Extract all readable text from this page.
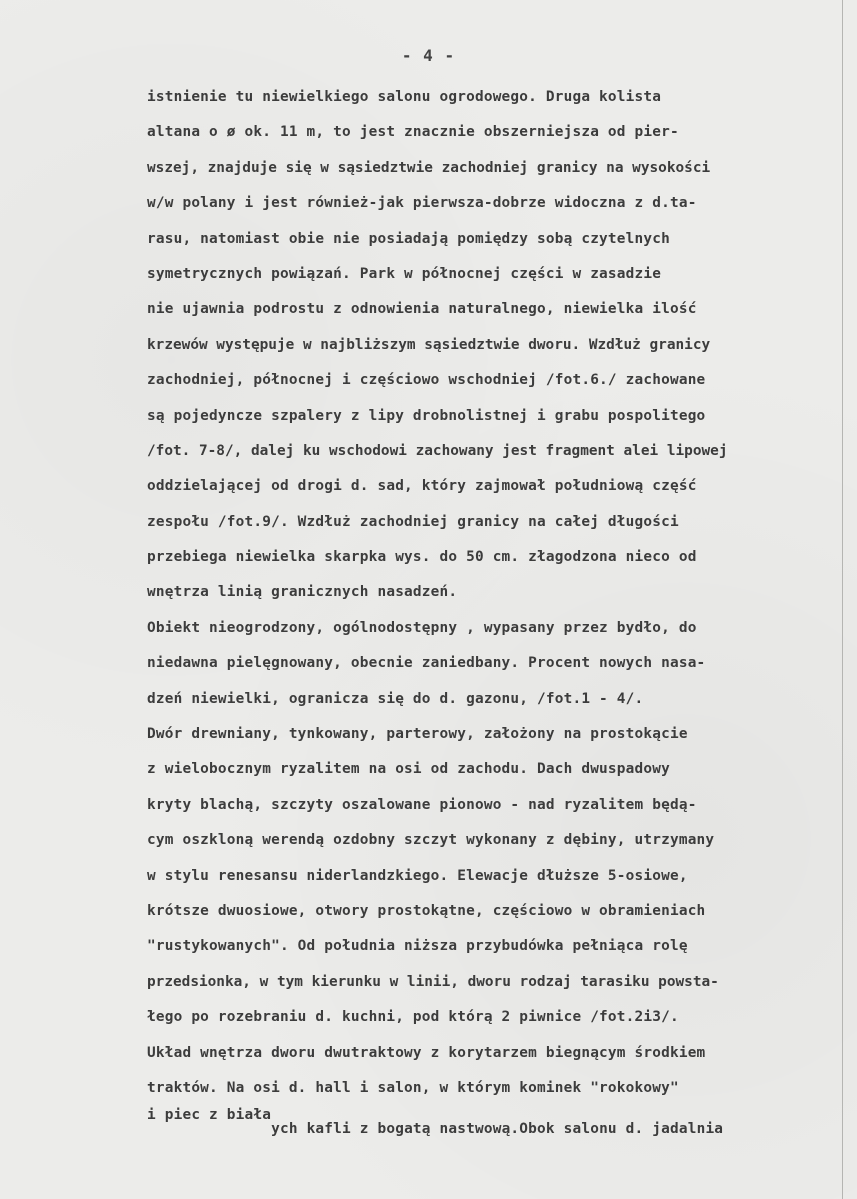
- 4 -
istnienie tu niewielkiego salonu ogrodowego. Druga kolista
altana o ø ok. 11 m, to jest znacznie obszerniejsza od pier-
wszej, znajduje się w sąsiedztwie zachodniej granicy na wysokości
w/w polany i jest również-jak pierwsza-dobrze widoczna z d.ta-
rasu, natomiast obie nie posiadają pomiędzy sobą czytelnych
symetrycznych powiązań. Park w północnej części w zasadzie
nie ujawnia podrostu z odnowienia naturalnego, niewielka ilość
krzewów występuje w najbliższym sąsiedztwie dworu. Wzdłuż granicy
zachodniej, północnej i częściowo wschodniej /fot.6./ zachowane
są pojedyncze szpalery z lipy drobnolistnej i grabu pospolitego
/fot. 7-8/, dalej ku wschodowi zachowany jest fragment alei lipowej
oddzielającej od drogi d. sad, który zajmował południową część
zespołu /fot.9/. Wzdłuż zachodniej granicy na całej długości
przebiega niewielka skarpka wys. do 50 cm. złagodzona nieco od
wnętrza linią granicznych nasadzeń.
Obiekt nieogrodzony, ogólnodostępny , wypasany przez bydło, do
niedawna pielęgnowany, obecnie zaniedbany. Procent nowych nasa-
dzeń niewielki, ogranicza się do d. gazonu, /fot.1 - 4/.
Dwór drewniany, tynkowany, parterowy, założony na prostokącie
z wielobocznym ryzalitem na osi od zachodu. Dach dwuspadowy
kryty blachą, szczyty oszalowane pionowo - nad ryzalitem będą-
cym oszkloną werendą ozdobny szczyt wykonany z dębiny, utrzymany
w stylu renesansu niderlandzkiego. Elewacje dłuższe 5-osiowe,
krótsze dwuosiowe, otwory prostokątne, częściowo w obramieniach
"rustykowanych". Od południa niższa przybudówka pełniąca rolę
przedsionka, w tym kierunku w linii, dworu rodzaj tarasiku powsta-
łego po rozebraniu d. kuchni, pod którą 2 piwnice /fot.2i3/.
Układ wnętrza dworu dwutraktowy z korytarzem biegnącym środkiem
traktów. Na osi d. hall i salon, w którym kominek "rokokowy"
i piec z białaych kafli z bogatą nastwową.Obok salonu d. jadalnia
